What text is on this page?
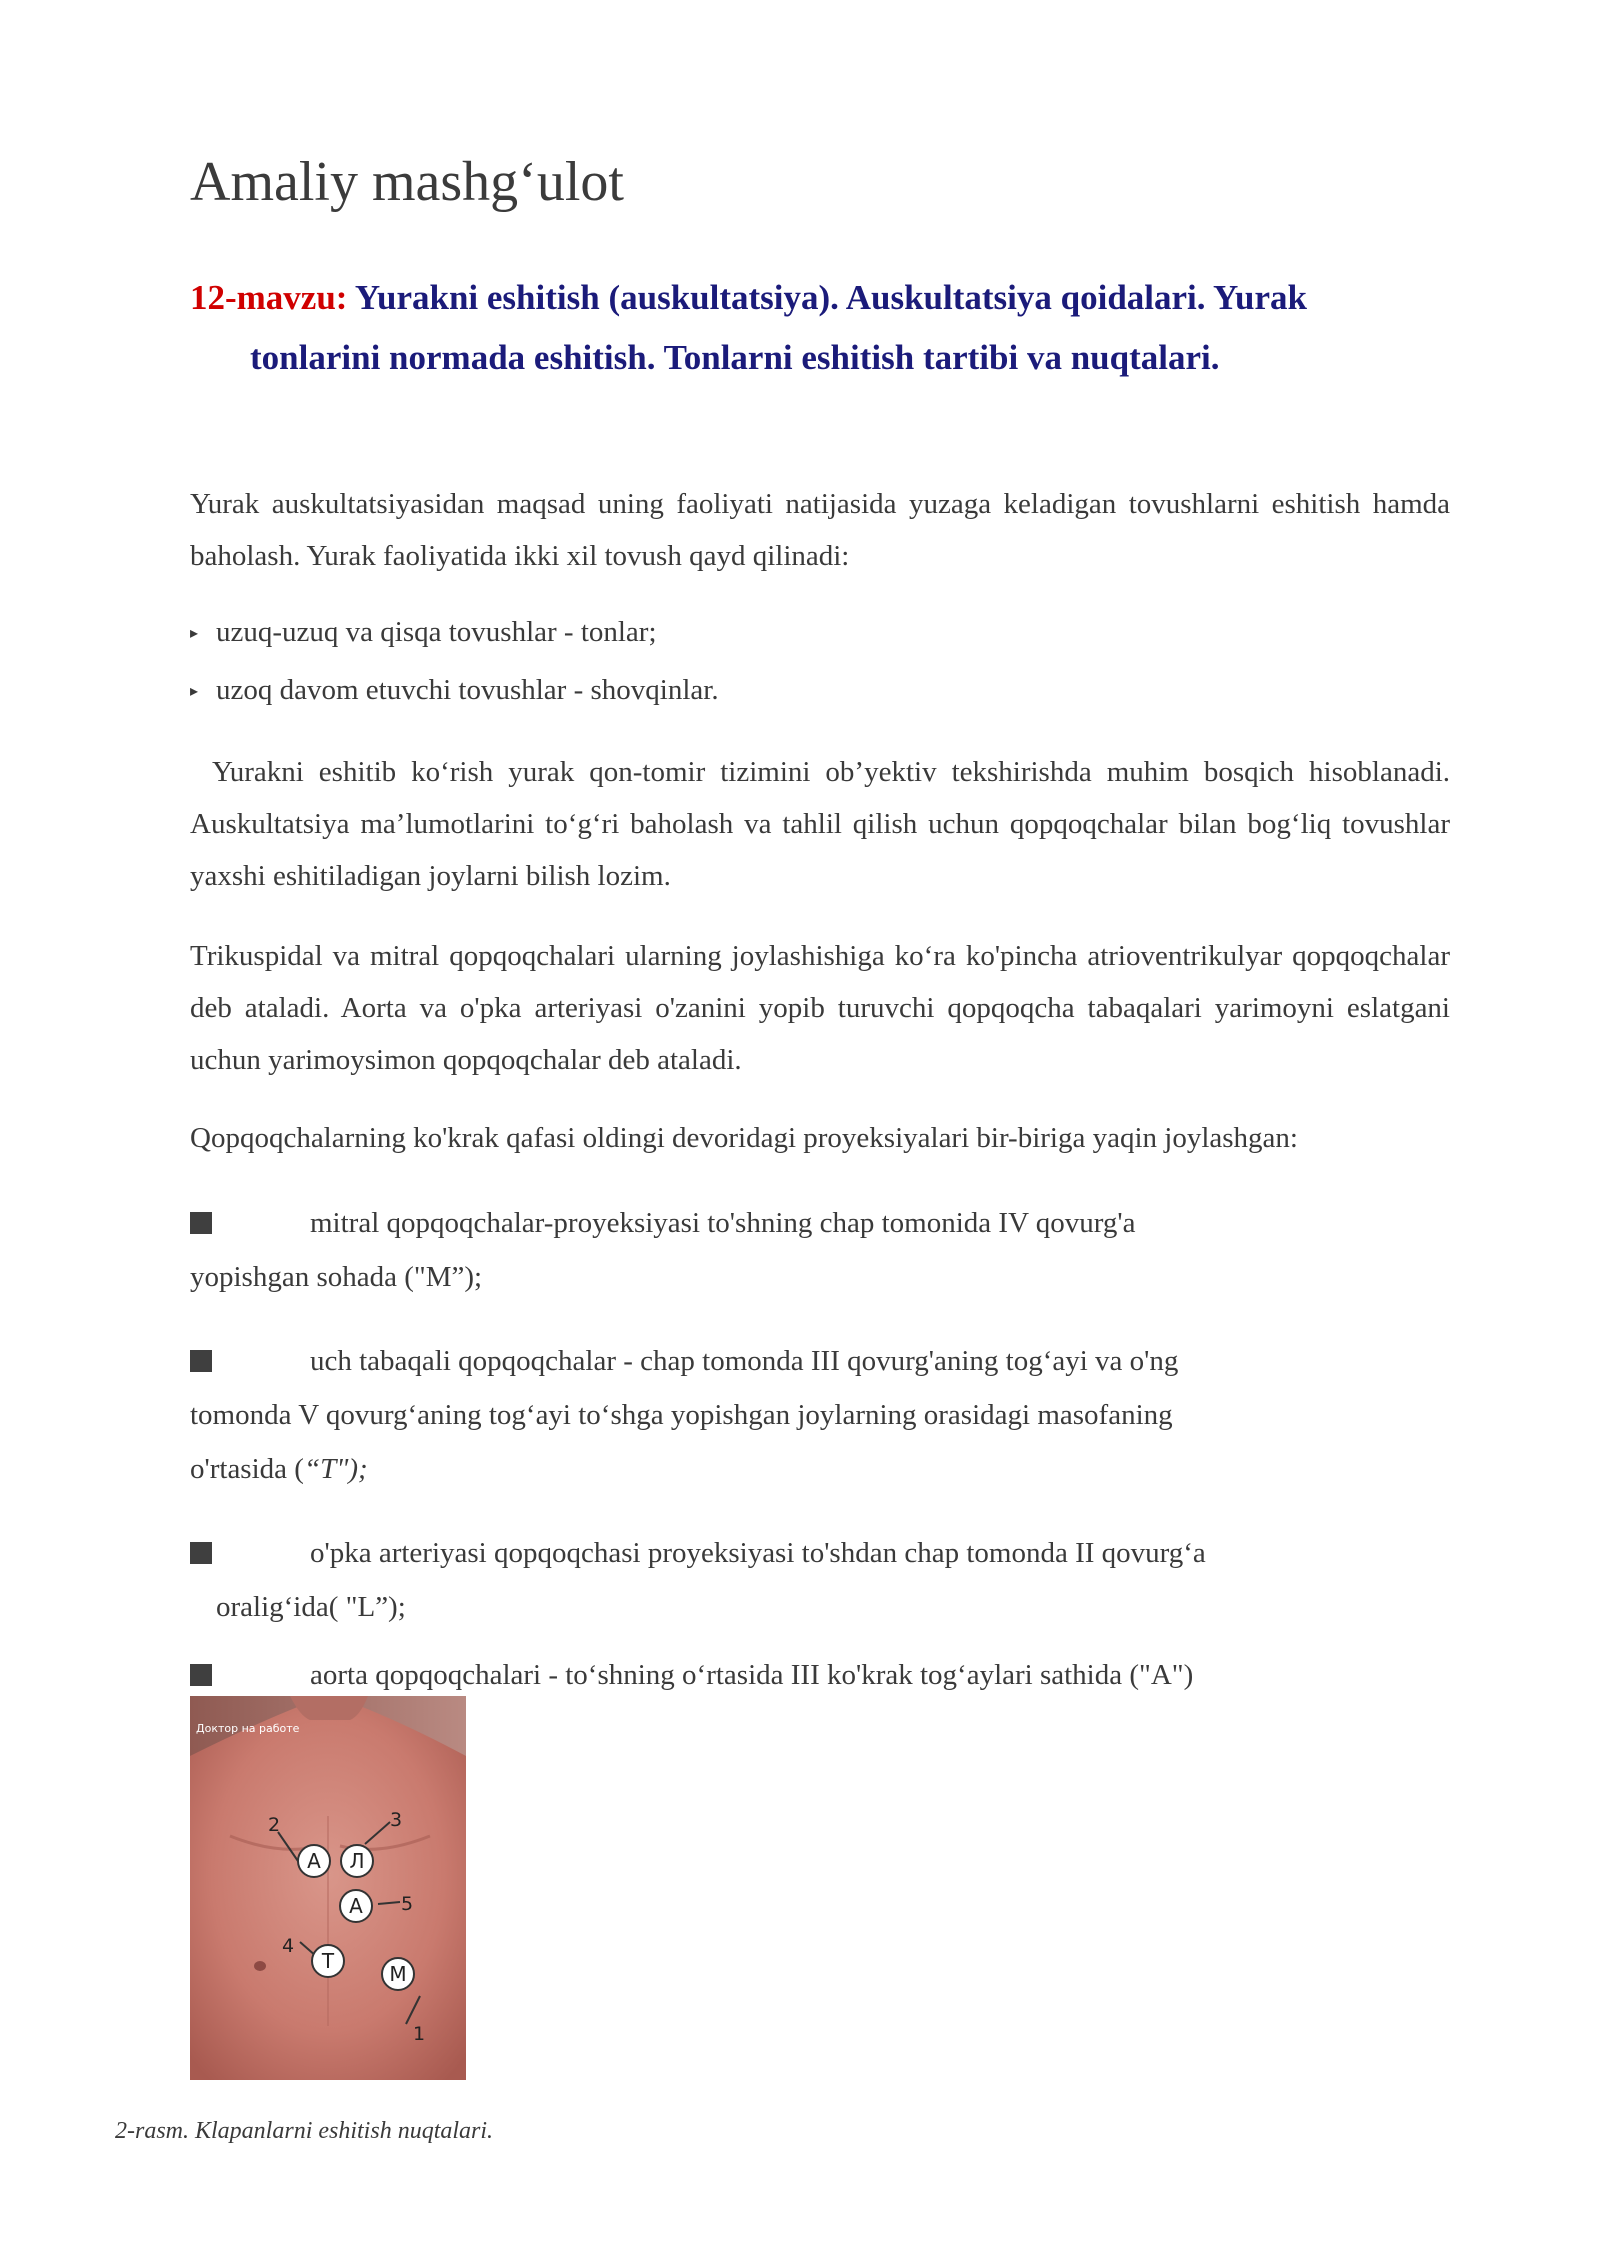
Amaliy mashg‘ulot

12-mavzu: Yurakni eshitish (auskultatsiya). Auskultatsiya qoidalari. Yurak tonlarini normada eshitish. Tonlarni eshitish tartibi va nuqtalari.

Yurak auskultatsiyasidan maqsad uning faoliyati natijasida yuzaga keladigan tovushlarni eshitish hamda baholash. Yurak faoliyatida ikki xil tovush qayd qilinadi:

▸ uzuq-uzuq va qisqa tovushlar - tonlar;
▸ uzoq davom etuvchi tovushlar - shovqinlar.

Yurakni eshitib ko‘rish yurak qon-tomir tizimini ob’yektiv tekshirishda muhim bosqich hisoblanadi. Auskultatsiya ma’lumotlarini to‘g‘ri baholash va tahlil qilish uchun qopqoqchalar bilan bog‘liq tovushlar yaxshi eshitiladigan joylarni bilish lozim.

Trikuspidal va mitral qopqoqchalari ularning joylashishiga ko‘ra ko'pincha atrioventrikulyar qopqoqchalar deb ataladi. Aorta va o'pka arteriyasi o'zanini yopib turuvchi qopqoqcha tabaqalari yarimoyni eslatgani uchun yarimoysimon qopqoqchalar deb ataladi.

Qopqoqchalarning ko'krak qafasi oldingi devoridagi proyeksiyalari bir-biriga yaqin joylashgan:

mitral qopqoqchalar-proyeksiyasi to'shning chap tomonida IV qovurg'a
yopishgan sohada ("M”);
uch tabaqali qopqoqchalar - chap tomonda III qovurg'aning tog‘ayi va o'ng
tomonda V qovurg‘aning tog‘ayi to‘shga yopishgan joylarning orasidagi masofaning
o'rtasida (“T");
o'pka arteriyasi qopqoqchasi proyeksiyasi to'shdan chap tomonda II qovurg‘a
oralig‘ida( "L”);
aorta qopqoqchalari - to‘shning o‘rtasida III ko'krak tog‘aylari sathida ("A")
Доктор на работе
2	3
5
4
1
А Л
А
Т
М

2-rasm. Klapanlarni eshitish nuqtalari.
